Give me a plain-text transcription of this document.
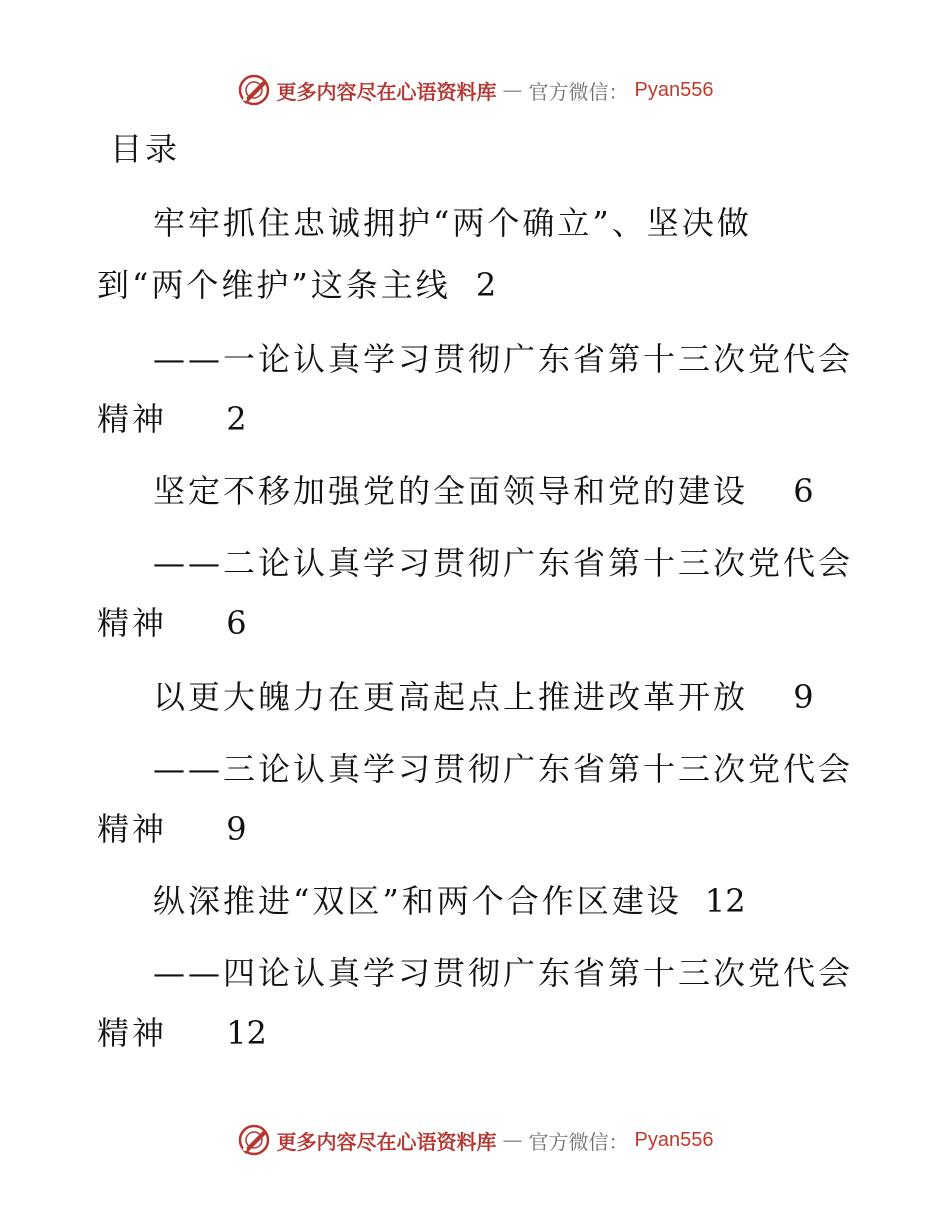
更多内容尽在心语资料库 — 官方微信： Pyan556
目录
牢牢抓住忠诚拥护“两个确立”、坚决做
到“两个维护”这条主线 2
——一论认真学习贯彻广东省第十三次党代会
精神 2
坚定不移加强党的全面领导和党的建设 6
——二论认真学习贯彻广东省第十三次党代会
精神 6
以更大魄力在更高起点上推进改革开放 9
——三论认真学习贯彻广东省第十三次党代会
精神 9
纵深推进“双区”和两个合作区建设 12
——四论认真学习贯彻广东省第十三次党代会
精神 12
更多内容尽在心语资料库 — 官方微信： Pyan556
